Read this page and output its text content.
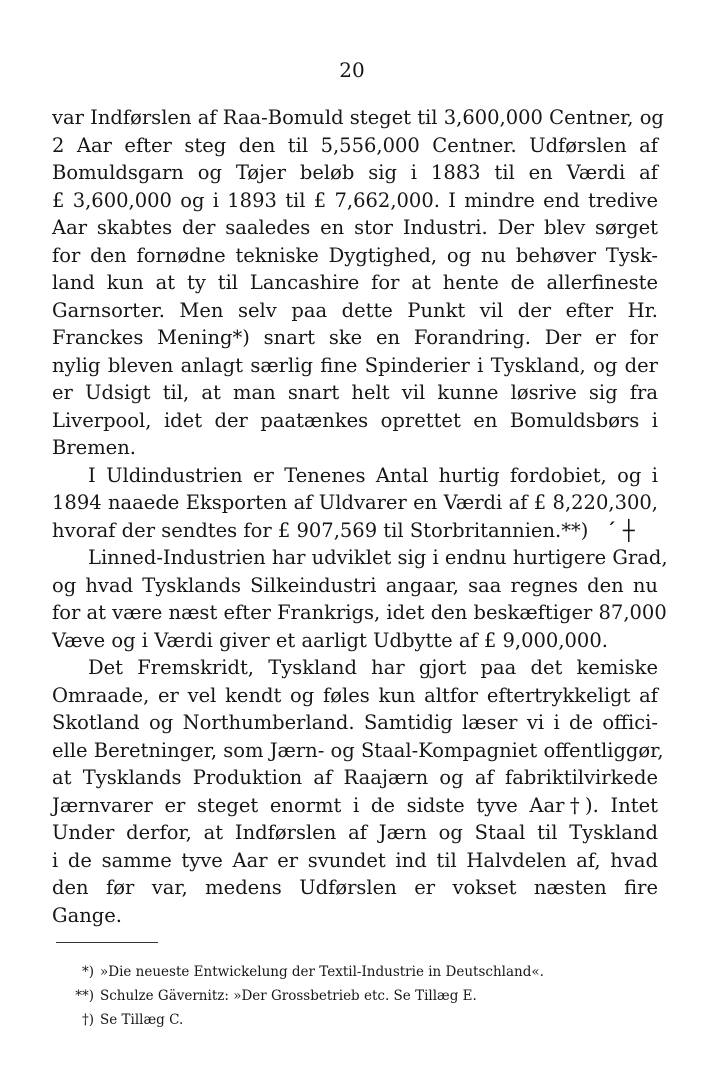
20
var Indførslen af Raa-Bomuld steget til 3,600,000 Centner, og
2 Aar efter steg den til 5,556,000 Centner. Udførslen af
Bomuldsgarn og Tøjer beløb sig i 1883 til en Værdi af
£ 3,600,000 og i 1893 til £ 7,662,000. I mindre end tredive
Aar skabtes der saaledes en stor Industri. Der blev sørget
for den fornødne tekniske Dygtighed, og nu behøver Tysk-
land kun at ty til Lancashire for at hente de allerfineste
Garnsorter. Men selv paa dette Punkt vil der efter Hr.
Franckes Mening*) snart ske en Forandring. Der er for
nylig bleven anlagt særlig fine Spinderier i Tyskland, og der
er Udsigt til, at man snart helt vil kunne løsrive sig fra
Liverpool, idet der paatænkes oprettet en Bomuldsbørs i
Bremen.
I Uldindustrien er Tenenes Antal hurtig fordobiet, og i
1894 naaede Eksporten af Uldvarer en Værdi af £ 8,220,300,
hvoraf der sendtes for £ 907,569 til Storbritannien.**) ˊ ┼
Linned-Industrien har udviklet sig i endnu hurtigere Grad,
og hvad Tysklands Silkeindustri angaar, saa regnes den nu
for at være næst efter Frankrigs, idet den beskæftiger 87,000
Væve og i Værdi giver et aarligt Udbytte af £ 9,000,000.
Det Fremskridt, Tyskland har gjort paa det kemiske
Omraade, er vel kendt og føles kun altfor eftertrykkeligt af
Skotland og Northumberland. Samtidig læser vi i de offici-
elle Beretninger, som Jærn- og Staal-Kompagniet offentliggør,
at Tysklands Produktion af Raajærn og af fabriktilvirkede
Jærnvarer er steget enormt i de sidste tyve Aar†). Intet
Under derfor, at Indførslen af Jærn og Staal til Tyskland
i de samme tyve Aar er svundet ind til Halvdelen af, hvad
den før var, medens Udførslen er vokset næsten fire
Gange.
*) »Die neueste Entwickelung der Textil-Industrie in Deutschland«.
**) Schulze Gävernitz: »Der Grossbetrieb etc. Se Tillæg E.
†) Se Tillæg C.
